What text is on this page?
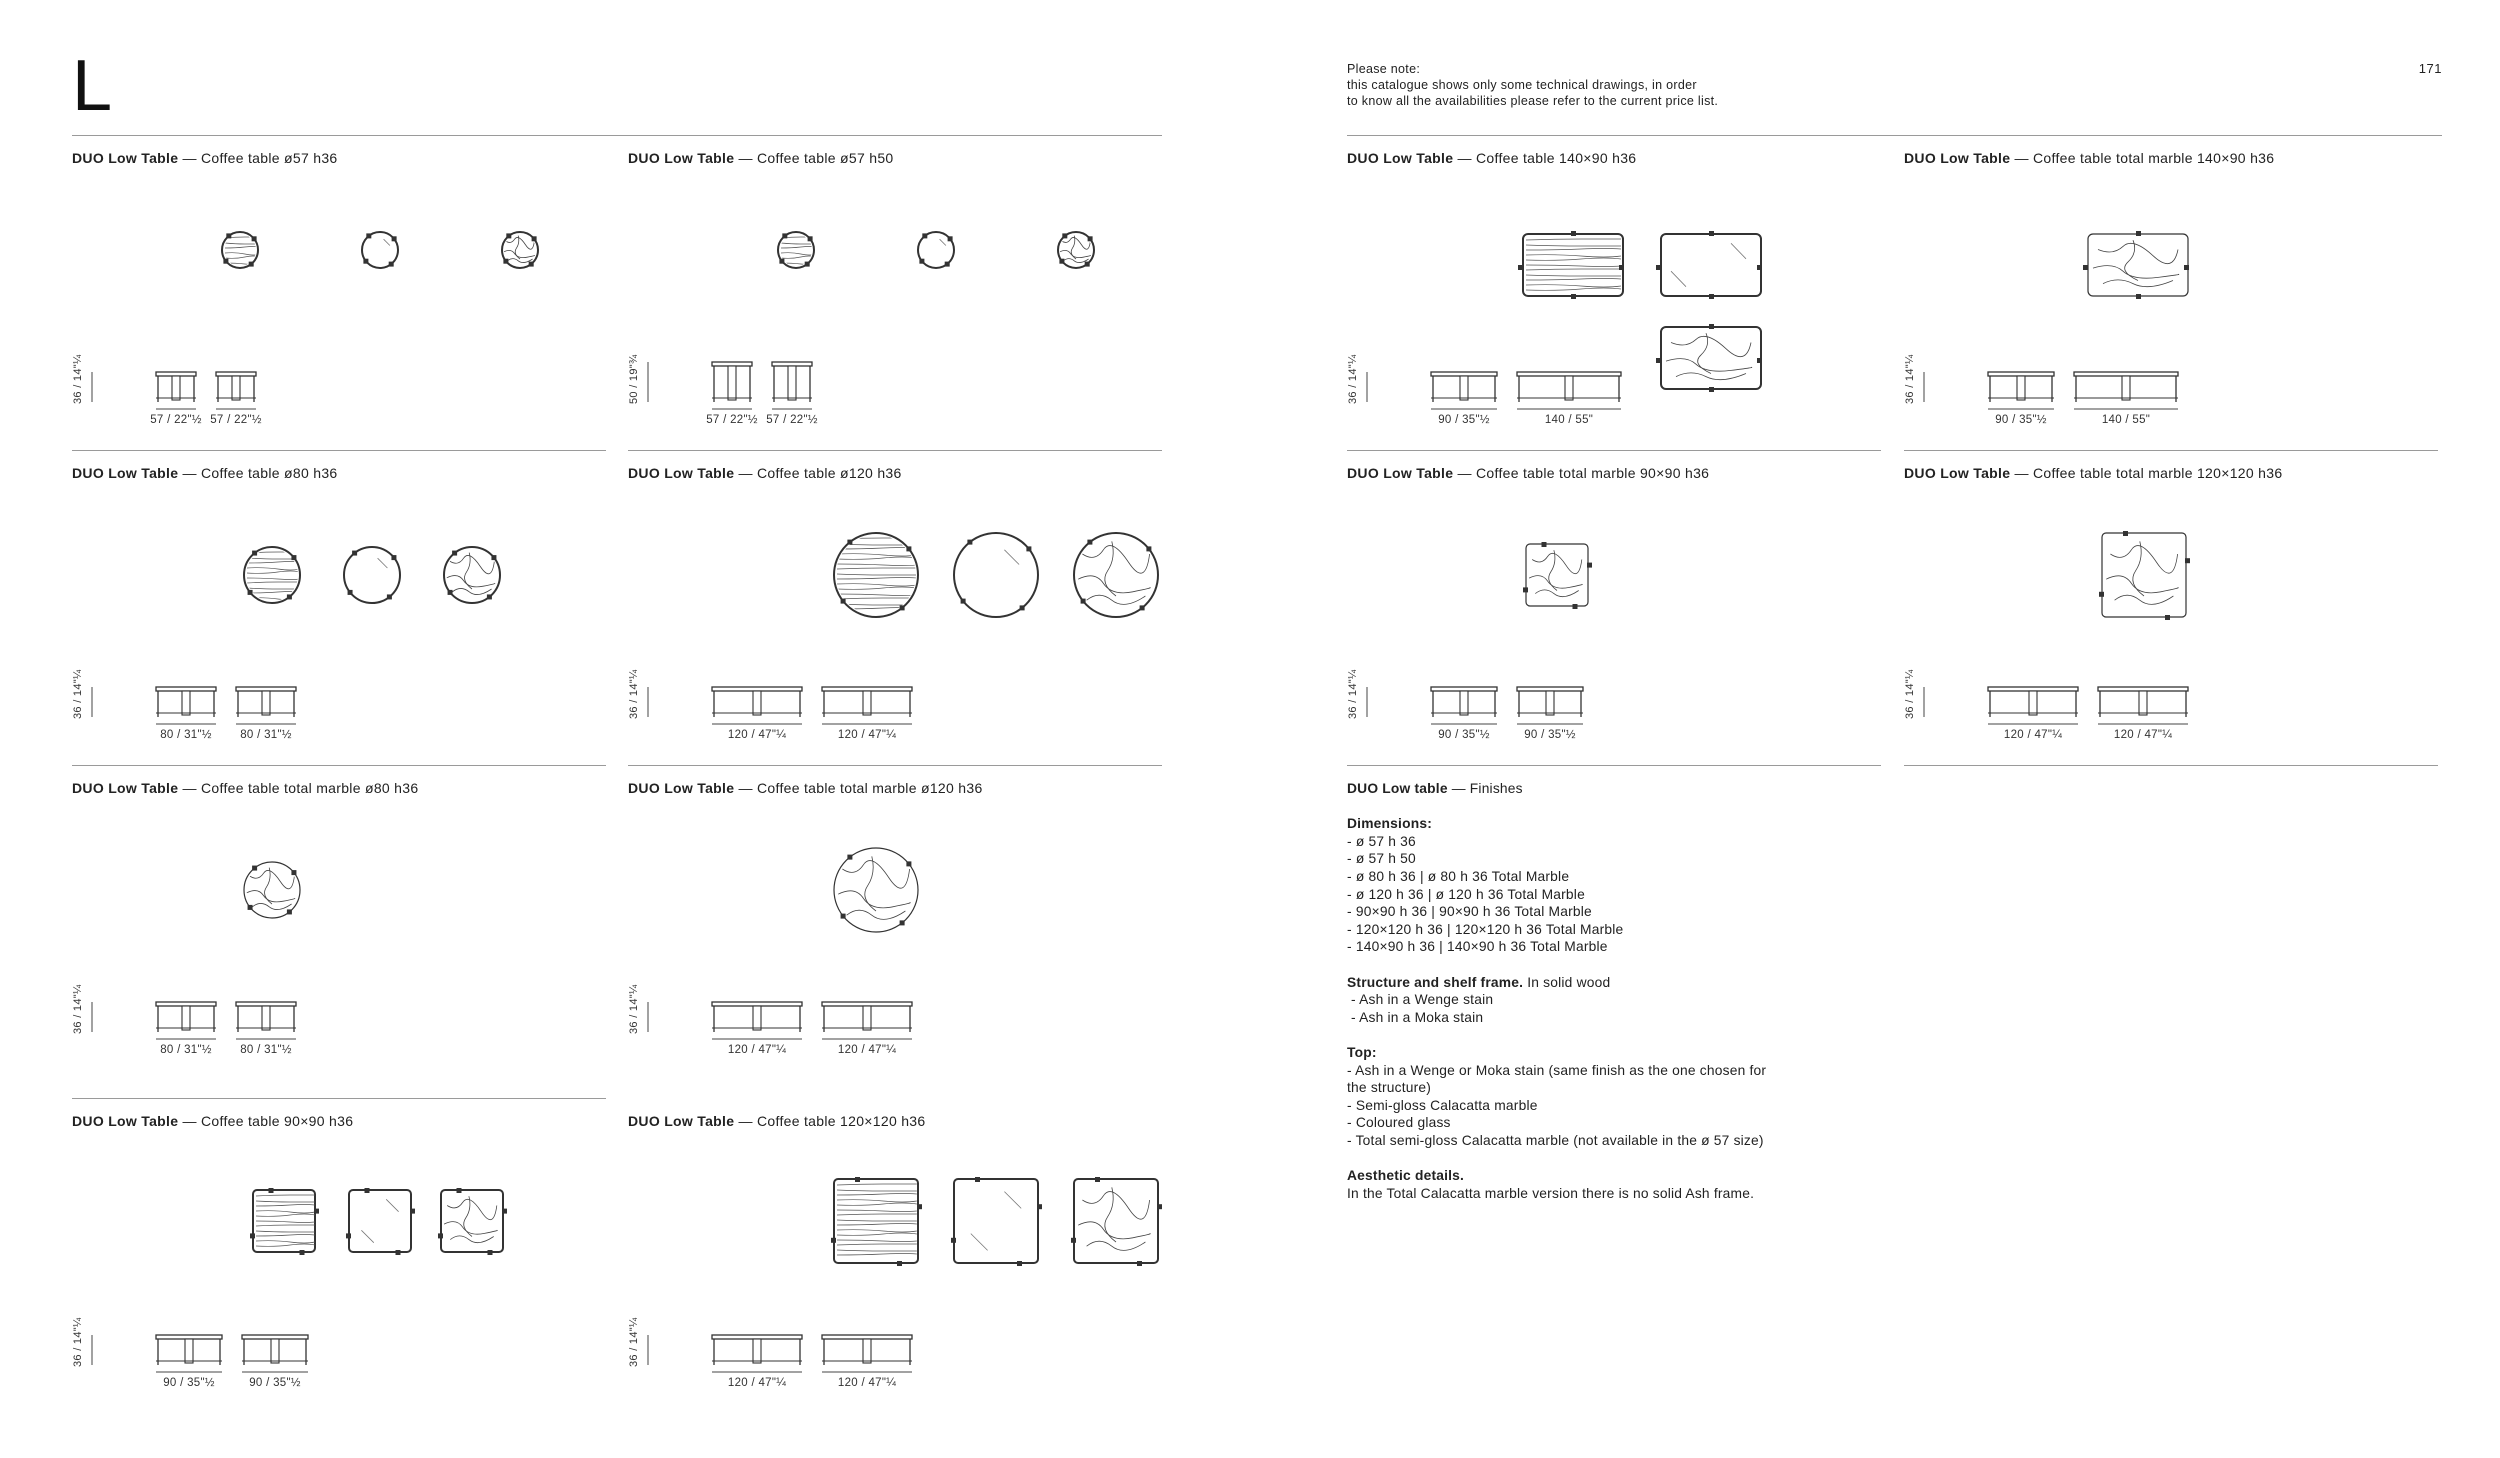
L	Please note:
this catalogue shows only some technical drawings, in order
to know all the availabilities please refer to the current price list.
171
DUO Low Table — Coffee table ø57 h36
36 / 14"¼
57 / 22"½ 57 / 22"½
DUO Low Table — Coffee table ø57 h50
50 / 19"¾
57 / 22"½ 57 / 22"½
DUO Low Table — Coffee table ø80 h36
36 / 14"¼
80 / 31"½	80 / 31"½
DUO Low Table — Coffee table ø120 h36
36 / 14"¼
120 / 47"¼	120 / 47"¼
DUO Low Table — Coffee table total marble ø80 h36
36 / 14"¼
80 / 31"½	80 / 31"½
DUO Low Table — Coffee table total marble ø120 h36
36 / 14"¼
120 / 47"¼	120 / 47"¼
DUO Low Table — Coffee table 90×90 h36
36 / 14"¼
90 / 35"½	90 / 35"½
DUO Low Table — Coffee table 120×120 h36
36 / 14"¼
120 / 47"¼	120 / 47"¼
DUO Low Table — Coffee table 140×90 h36
36 / 14"¼
90 / 35"½	140 / 55"
DUO Low Table — Coffee table total marble 140×90 h36
36 / 14"¼
90 / 35"½	140 / 55"
DUO Low Table — Coffee table total marble 90×90 h36
36 / 14"¼
90 / 35"½	90 / 35"½
DUO Low Table — Coffee table total marble 120×120 h36
36 / 14"¼
120 / 47"¼	120 / 47"¼
DUO Low table — Finishes
Dimensions:
- ø 57 h 36
- ø 57 h 50
- ø 80 h 36 | ø 80 h 36 Total Marble
- ø 120 h 36 | ø 120 h 36 Total Marble
- 90×90 h 36 | 90×90 h 36 Total Marble
- 120×120 h 36 | 120×120 h 36 Total Marble
- 140×90 h 36 | 140×90 h 36 Total Marble
Structure and shelf frame. In solid wood
- Ash in a Wenge stain
- Ash in a Moka stain
Top:
- Ash in a Wenge or Moka stain (same finish as the one chosen for
the structure)
- Semi-gloss Calacatta marble
- Coloured glass
- Total semi-gloss Calacatta marble (not available in the ø 57 size)
Aesthetic details.
In the Total Calacatta marble version there is no solid Ash frame.
